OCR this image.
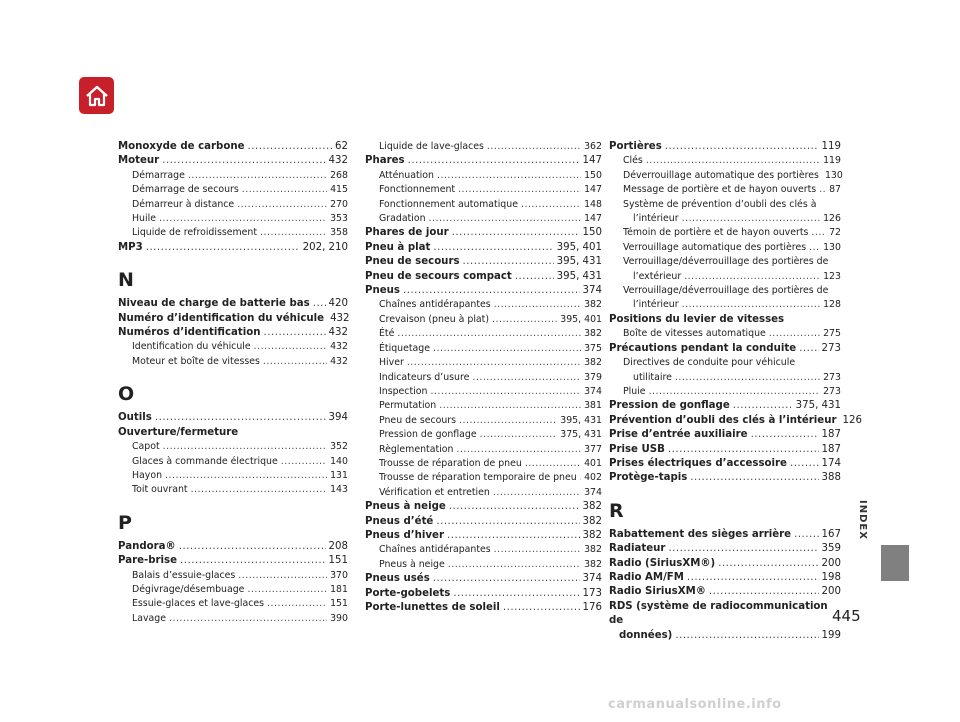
Monoxyde de carbone .....	62
Moteur .....	432
Démarrage .....	268
Démarrage de secours .....	415
Démarreur à distance .....	270
Huile .....	353
Liquide de refroidissement .....	358
MP3 .....	202, 210
N
Niveau de charge de batterie bas ..... 420
Numéro d’identification du véhicule 432
Numéros d’identification .....	432
Identification du véhicule .....	432
Moteur et boîte de vitesses .....	432
O
Outils .....	394
Ouverture/fermeture
Capot .....	352
Glaces à commande électrique .....	140
Hayon .....	131
Toit ouvrant .....	143
P
Pandora® .....	208
Pare-brise .....	151
Balais d’essuie-glaces .....	370
Dégivrage/désembuage .....	181
Essuie-glaces et lave-glaces .....	151
Lavage .....	390
Liquide de lave-glaces .....	362
Phares .....	147
Atténuation .....	150
Fonctionnement .....	147
Fonctionnement automatique .....	148
Gradation .....	147
Phares de jour .....	150
Pneu à plat .....	395, 401
Pneu de secours .....	395, 431
Pneu de secours compact .....	395, 431
Pneus .....	374
Chaînes antidérapantes .....	382
Crevaison (pneu à plat) .....	395, 401
Été .....	382
Étiquetage .....	375
Hiver .....	382
Indicateurs d’usure .....	379
Inspection .....	374
Permutation .....	381
Pneu de secours .....	395, 431
Pression de gonflage .....	375, 431
Règlementation .....	377
Trousse de réparation de pneu .....	401
Trousse de réparation temporaire de pneu ..... 402
Vérification et entretien .....	374
Pneus à neige .....	382
Pneus d’été .....	382
Pneus d’hiver .....	382
Chaînes antidérapantes .....	382
Pneus à neige .....	382
Pneus usés .....	374
Porte-gobelets .....	173
Porte-lunettes de soleil .....	176
Portières .....	119
Clés .....	119
Déverrouillage automatique des portières 130
Message de portière et de hayon ouverts ..... 87
Système de prévention d’oubli des clés à
l’intérieur .....	126
Témoin de portière et de hayon ouverts ..... 72
Verrouillage automatique des portières ..... 130
Verrouillage/déverrouillage des portières de
l’extérieur .....	123
Verrouillage/déverrouillage des portières de
l’intérieur .....	128
Positions du levier de vitesses
Boîte de vitesses automatique .....	275
Précautions pendant la conduite ..... 273
Directives de conduite pour véhicule
utilitaire .....	273
Pluie .....	273
Pression de gonflage .....	375, 431
Prévention d’oubli des clés à l’intérieur 126
Prise d’entrée auxiliaire .....	187
Prise USB .....	187
Prises électriques d’accessoire .....	174
Protège-tapis .....	388
R
Rabattement des sièges arrière .....	167
Radiateur .....	359
Radio (SiriusXM®) .....	200
Radio AM/FM .....	198
Radio SiriusXM® .....	200
RDS (système de radiocommunication de
données) .....	199
INDEX
445
carmanualsonline.info
